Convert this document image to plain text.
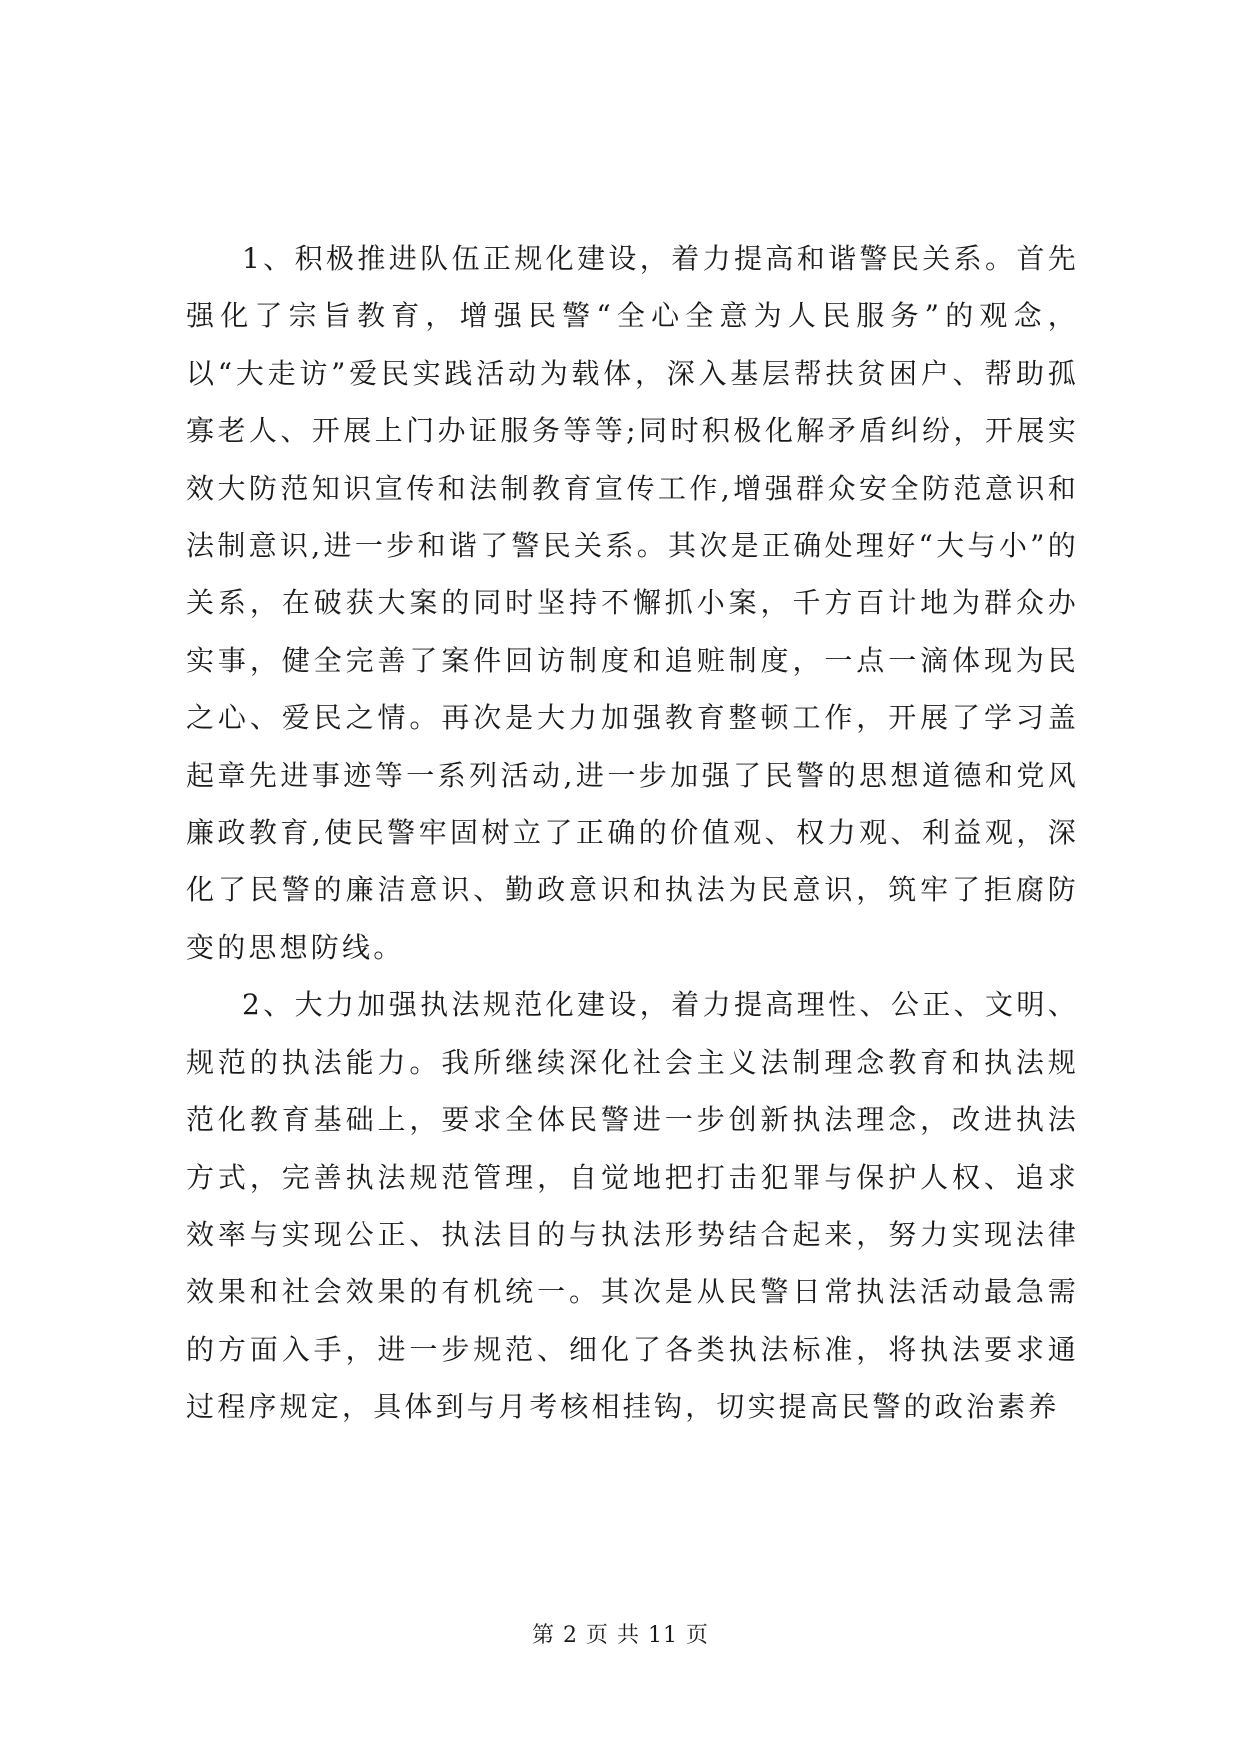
1、积极推进队伍正规化建设，着力提高和谐警民关系。首先强化了宗旨教育，增强民警“全心全意为人民服务”的观念，以“大走访”爱民实践活动为载体，深入基层帮扶贫困户、帮助孤寡老人、开展上门办证服务等等;同时积极化解矛盾纠纷，开展实效大防范知识宣传和法制教育宣传工作,增强群众安全防范意识和法制意识,进一步和谐了警民关系。其次是正确处理好“大与小”的关系，在破获大案的同时坚持不懈抓小案，千方百计地为群众办实事，健全完善了案件回访制度和追赃制度，一点一滴体现为民之心、爱民之情。再次是大力加强教育整顿工作，开展了学习盖起章先进事迹等一系列活动,进一步加强了民警的思想道德和党风廉政教育,使民警牢固树立了正确的价值观、权力观、利益观，深化了民警的廉洁意识、勤政意识和执法为民意识，筑牢了拒腐防变的思想防线。

2、大力加强执法规范化建设，着力提高理性、公正、文明、规范的执法能力。我所继续深化社会主义法制理念教育和执法规范化教育基础上，要求全体民警进一步创新执法理念，改进执法方式，完善执法规范管理，自觉地把打击犯罪与保护人权、追求效率与实现公正、执法目的与执法形势结合起来，努力实现法律效果和社会效果的有机统一。其次是从民警日常执法活动最急需的方面入手，进一步规范、细化了各类执法标准，将执法要求通过程序规定，具体到与月考核相挂钩，切实提高民警的政治素养

第 2 页 共 11 页
